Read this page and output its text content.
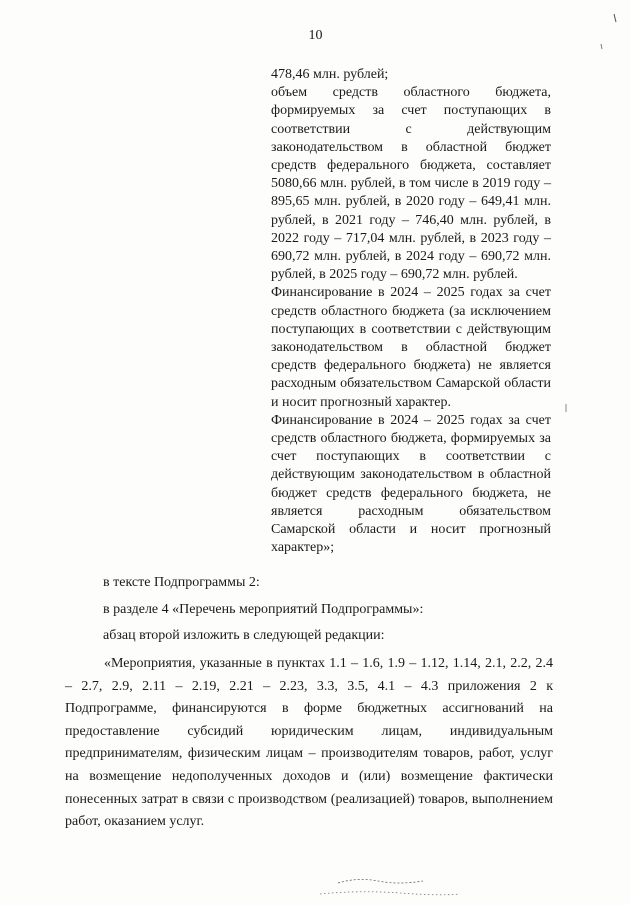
10

478,46 млн. рублей;

объем средств областного бюджета, формируемых за счет поступающих в соответствии с действующим законодательством в областной бюджет средств федерального бюджета, составляет 5080,66 млн. рублей, в том числе в 2019 году – 895,65 млн. рублей, в 2020 году – 649,41 млн. рублей, в 2021 году – 746,40 млн. рублей, в 2022 году – 717,04 млн. рублей, в 2023 году – 690,72 млн. рублей, в 2024 году – 690,72 млн. рублей, в 2025 году – 690,72 млн. рублей.

Финансирование в 2024 – 2025 годах за счет средств областного бюджета (за исключением поступающих в соответствии с действующим законодательством в областной бюджет средств федерального бюджета) не является расходным обязательством Самарской области и носит прогнозный характер.

Финансирование в 2024 – 2025 годах за счет средств областного бюджета, формируемых за счет поступающих в соответствии с действующим законодательством в областной бюджет средств федерального бюджета, не является расходным обязательством Самарской области и носит прогнозный характер»;

в тексте Подпрограммы 2:

в разделе 4 «Перечень мероприятий Подпрограммы»:

абзац второй изложить в следующей редакции:

«Мероприятия, указанные в пунктах 1.1 – 1.6, 1.9 – 1.12, 1.14, 2.1, 2.2, 2.4 – 2.7, 2.9, 2.11 – 2.19, 2.21 – 2.23, 3.3, 3.5, 4.1 – 4.3 приложения 2 к Подпрограмме, финансируются в форме бюджетных ассигнований на предоставление субсидий юридическим лицам, индивидуальным предпринимателям, физическим лицам – производителям товаров, работ, услуг на возмещение недополученных доходов и (или) возмещение фактически понесенных затрат в связи с производством (реализацией) товаров, выполнением работ, оказанием услуг.
